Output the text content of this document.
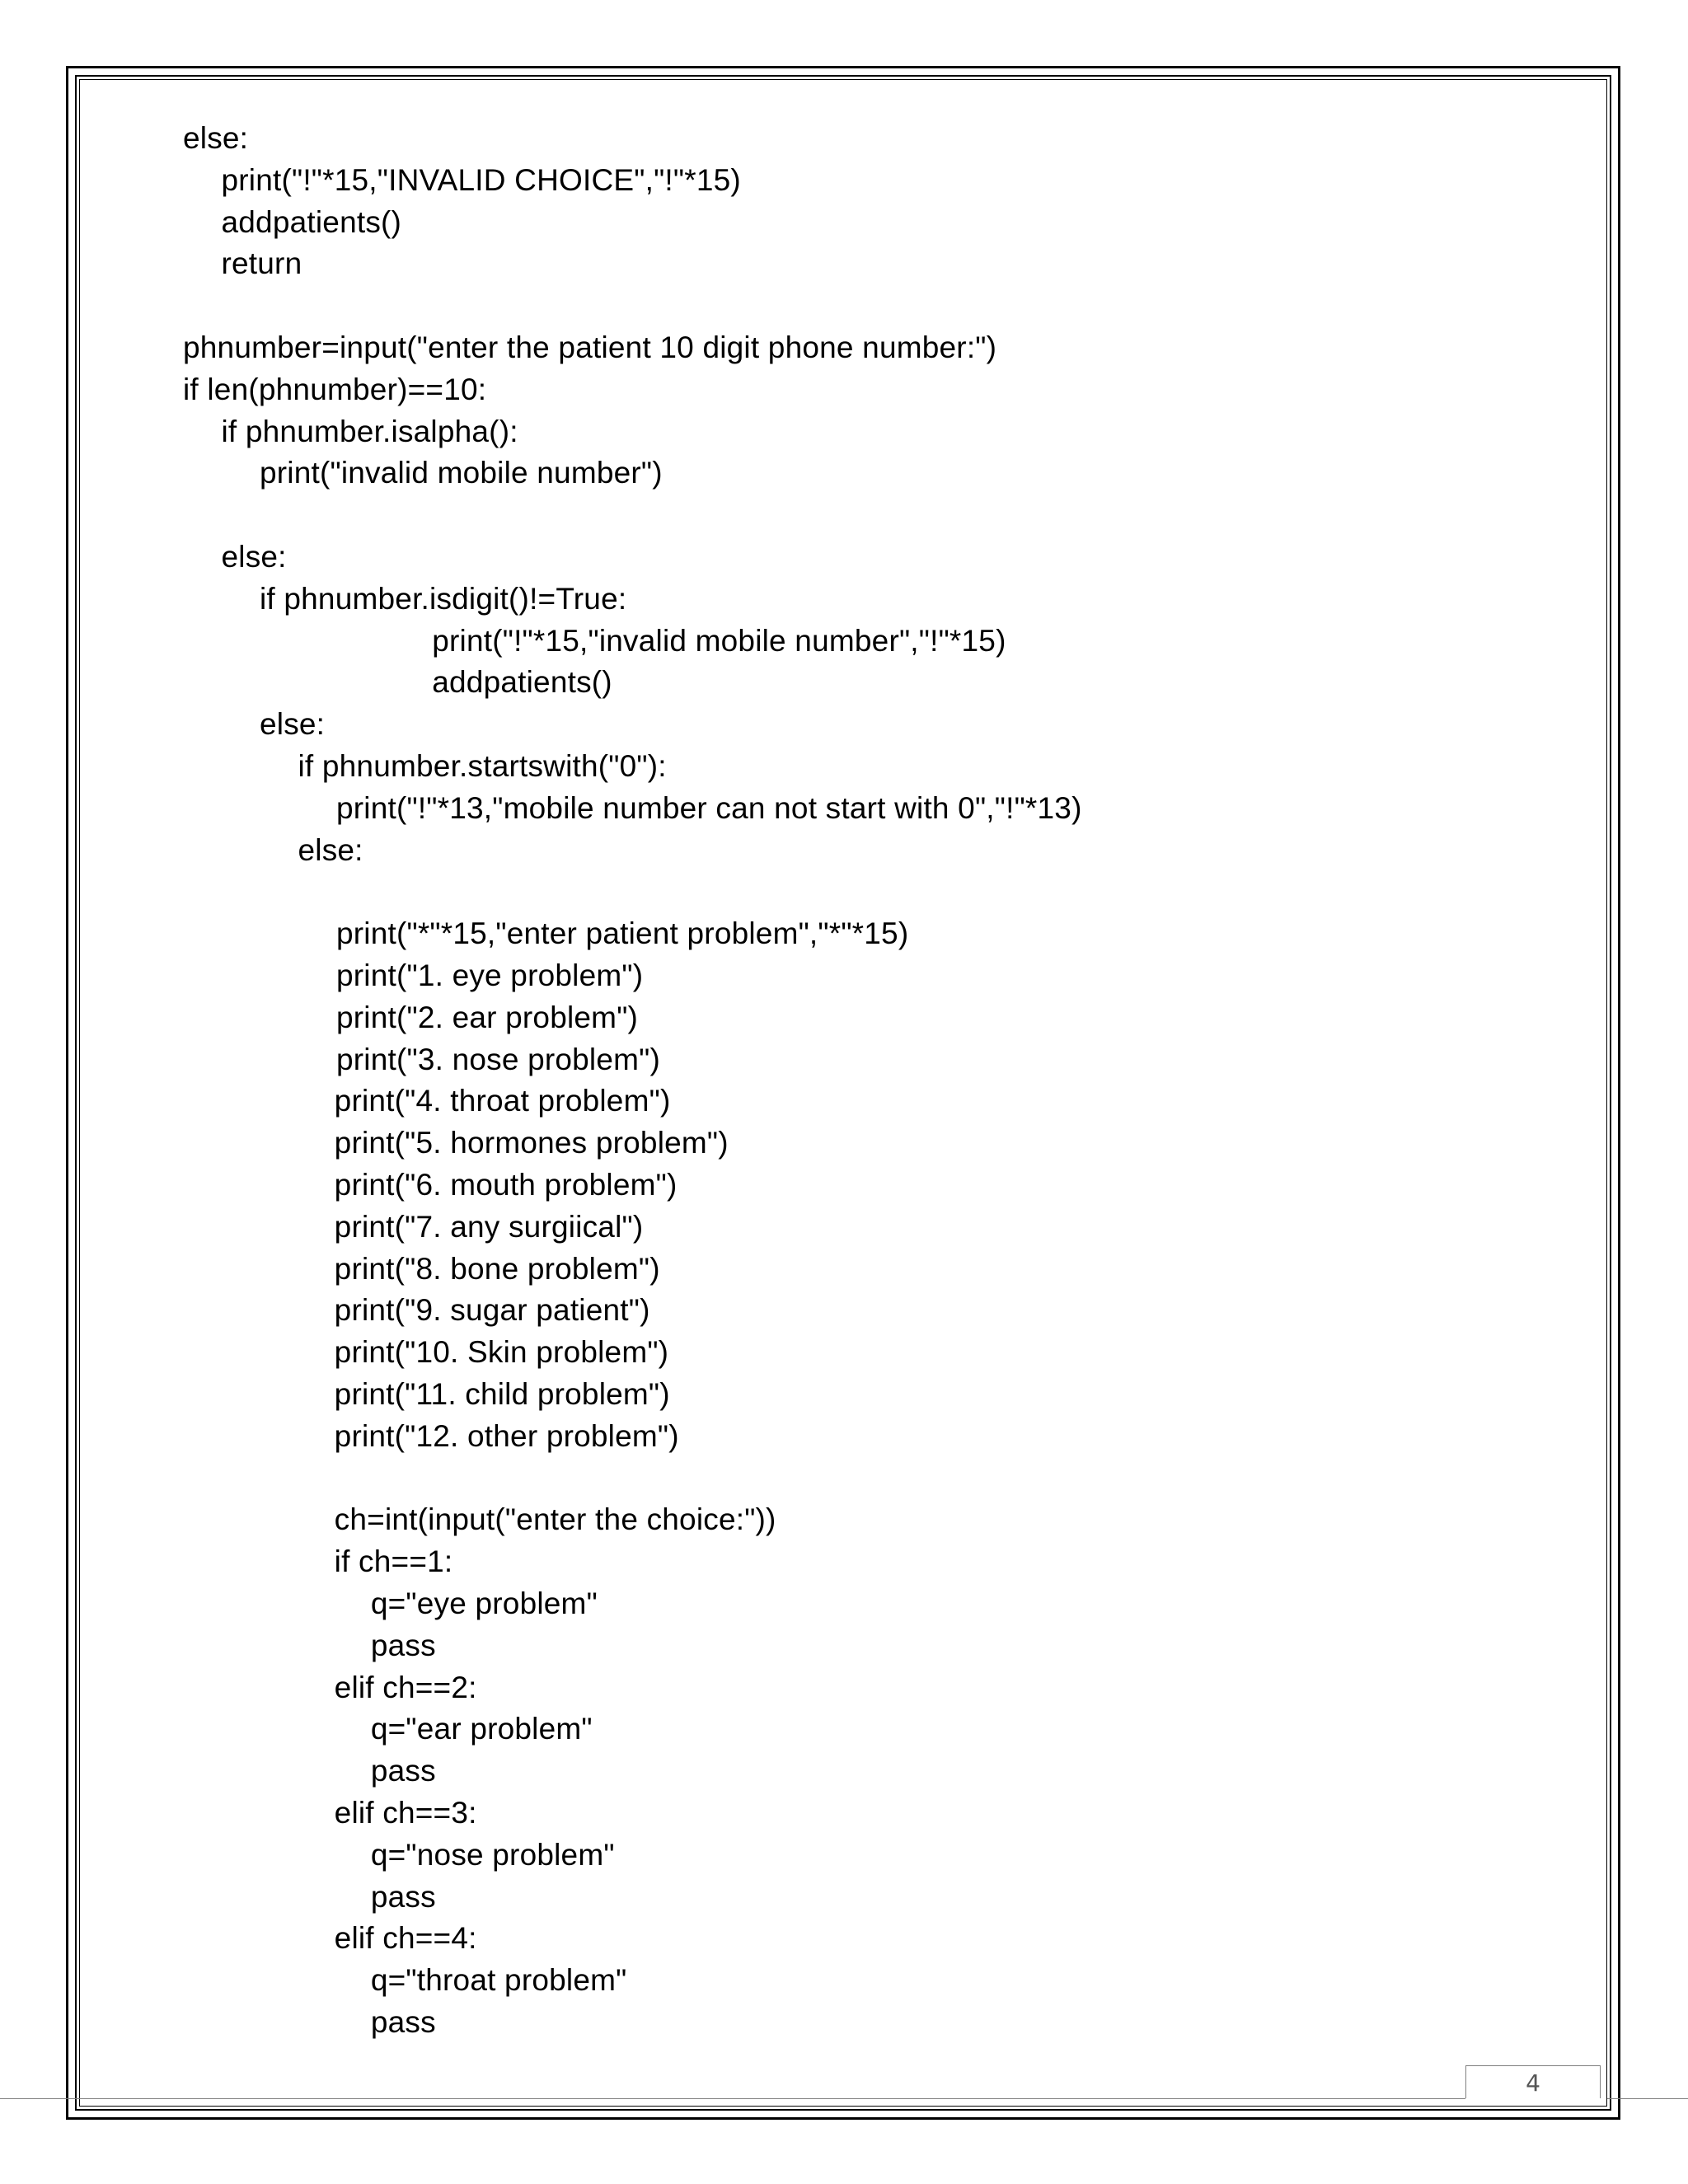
else:
print("!"*15,"INVALID CHOICE","!"*15)
addpatients()
return
phnumber=input("enter the patient 10 digit phone number:")
if len(phnumber)==10:
if phnumber.isalpha():
print("invalid mobile number")
else:
if phnumber.isdigit()!=True:
print("!"*15,"invalid mobile number","!"*15)
addpatients()
else:
if phnumber.startswith("0"):
print("!"*13,"mobile number can not start with 0","!"*13)
else:
print("*"*15,"enter patient problem","*"*15)
print("1. eye problem")
print("2. ear problem")
print("3. nose problem")
print("4. throat problem")
print("5. hormones problem")
print("6. mouth problem")
print("7. any surgiical")
print("8. bone problem")
print("9. sugar patient")
print("10. Skin problem")
print("11. child problem")
print("12. other problem")
ch=int(input("enter the choice:"))
if ch==1:
q="eye problem"
pass
elif ch==2:
q="ear problem"
pass
elif ch==3:
q="nose problem"
pass
elif ch==4:
q="throat problem"
pass
4
